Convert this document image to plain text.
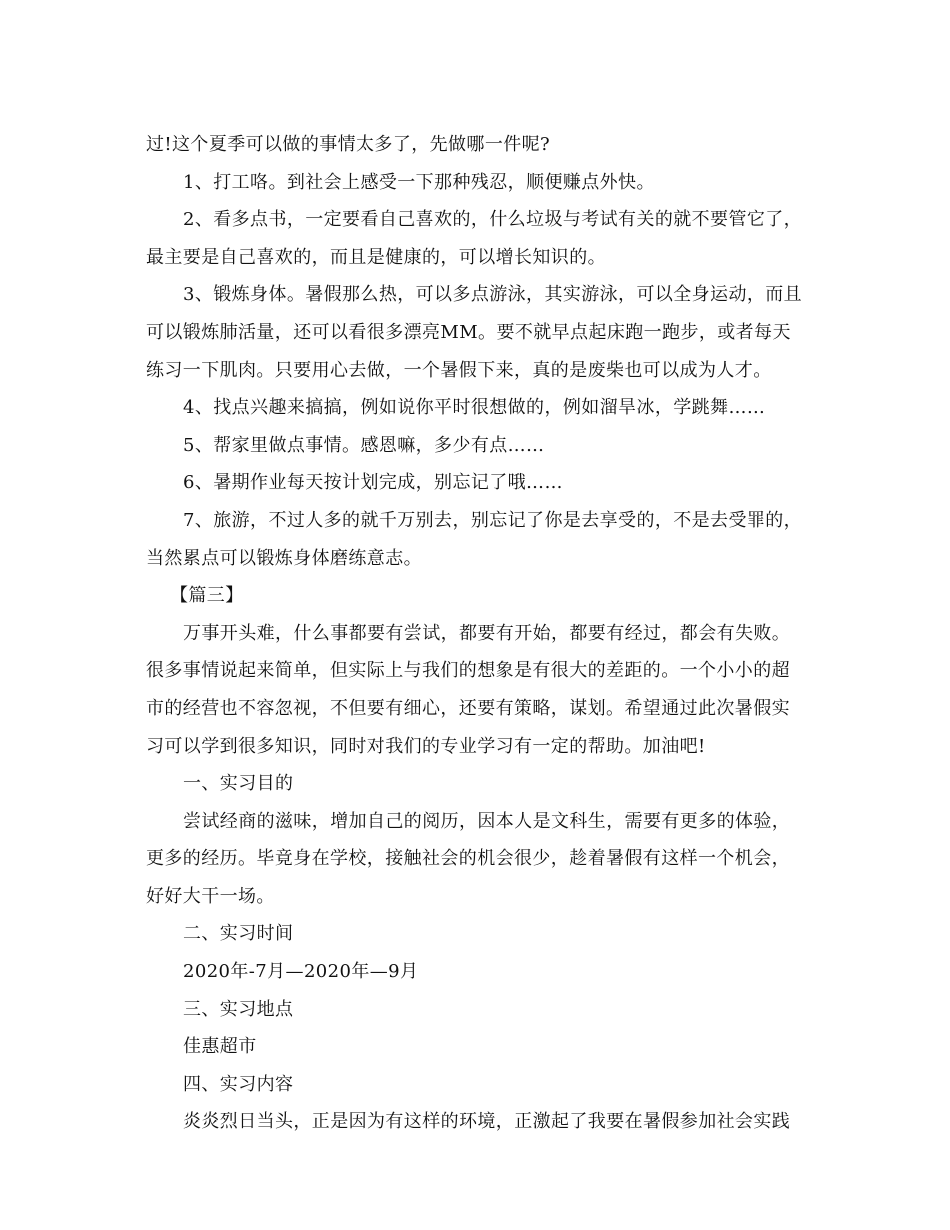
过!这个夏季可以做的事情太多了，先做哪一件呢?

1、打工咯。到社会上感受一下那种残忍，顺便赚点外快。

2、看多点书，一定要看自己喜欢的，什么垃圾与考试有关的就不要管它了，最主要是自己喜欢的，而且是健康的，可以增长知识的。

3、锻炼身体。暑假那么热，可以多点游泳，其实游泳，可以全身运动，而且可以锻炼肺活量，还可以看很多漂亮MM。要不就早点起床跑一跑步，或者每天练习一下肌肉。只要用心去做，一个暑假下来，真的是废柴也可以成为人才。

4、找点兴趣来搞搞，例如说你平时很想做的，例如溜旱冰，学跳舞……

5、帮家里做点事情。感恩嘛，多少有点……

6、暑期作业每天按计划完成，别忘记了哦……

7、旅游，不过人多的就千万别去，别忘记了你是去享受的，不是去受罪的，当然累点可以锻炼身体磨练意志。

【篇三】

万事开头难，什么事都要有尝试，都要有开始，都要有经过，都会有失败。很多事情说起来简单，但实际上与我们的想象是有很大的差距的。一个小小的超市的经营也不容忽视，不但要有细心，还要有策略，谋划。希望通过此次暑假实习可以学到很多知识，同时对我们的专业学习有一定的帮助。加油吧!

一、实习目的

尝试经商的滋味，增加自己的阅历，因本人是文科生，需要有更多的体验，更多的经历。毕竟身在学校，接触社会的机会很少，趁着暑假有这样一个机会，好好大干一场。

二、实习时间

2020年-7月—2020年—9月

三、实习地点

佳惠超市

四、实习内容

炎炎烈日当头，正是因为有这样的环境，正激起了我要在暑假参加社会实践
